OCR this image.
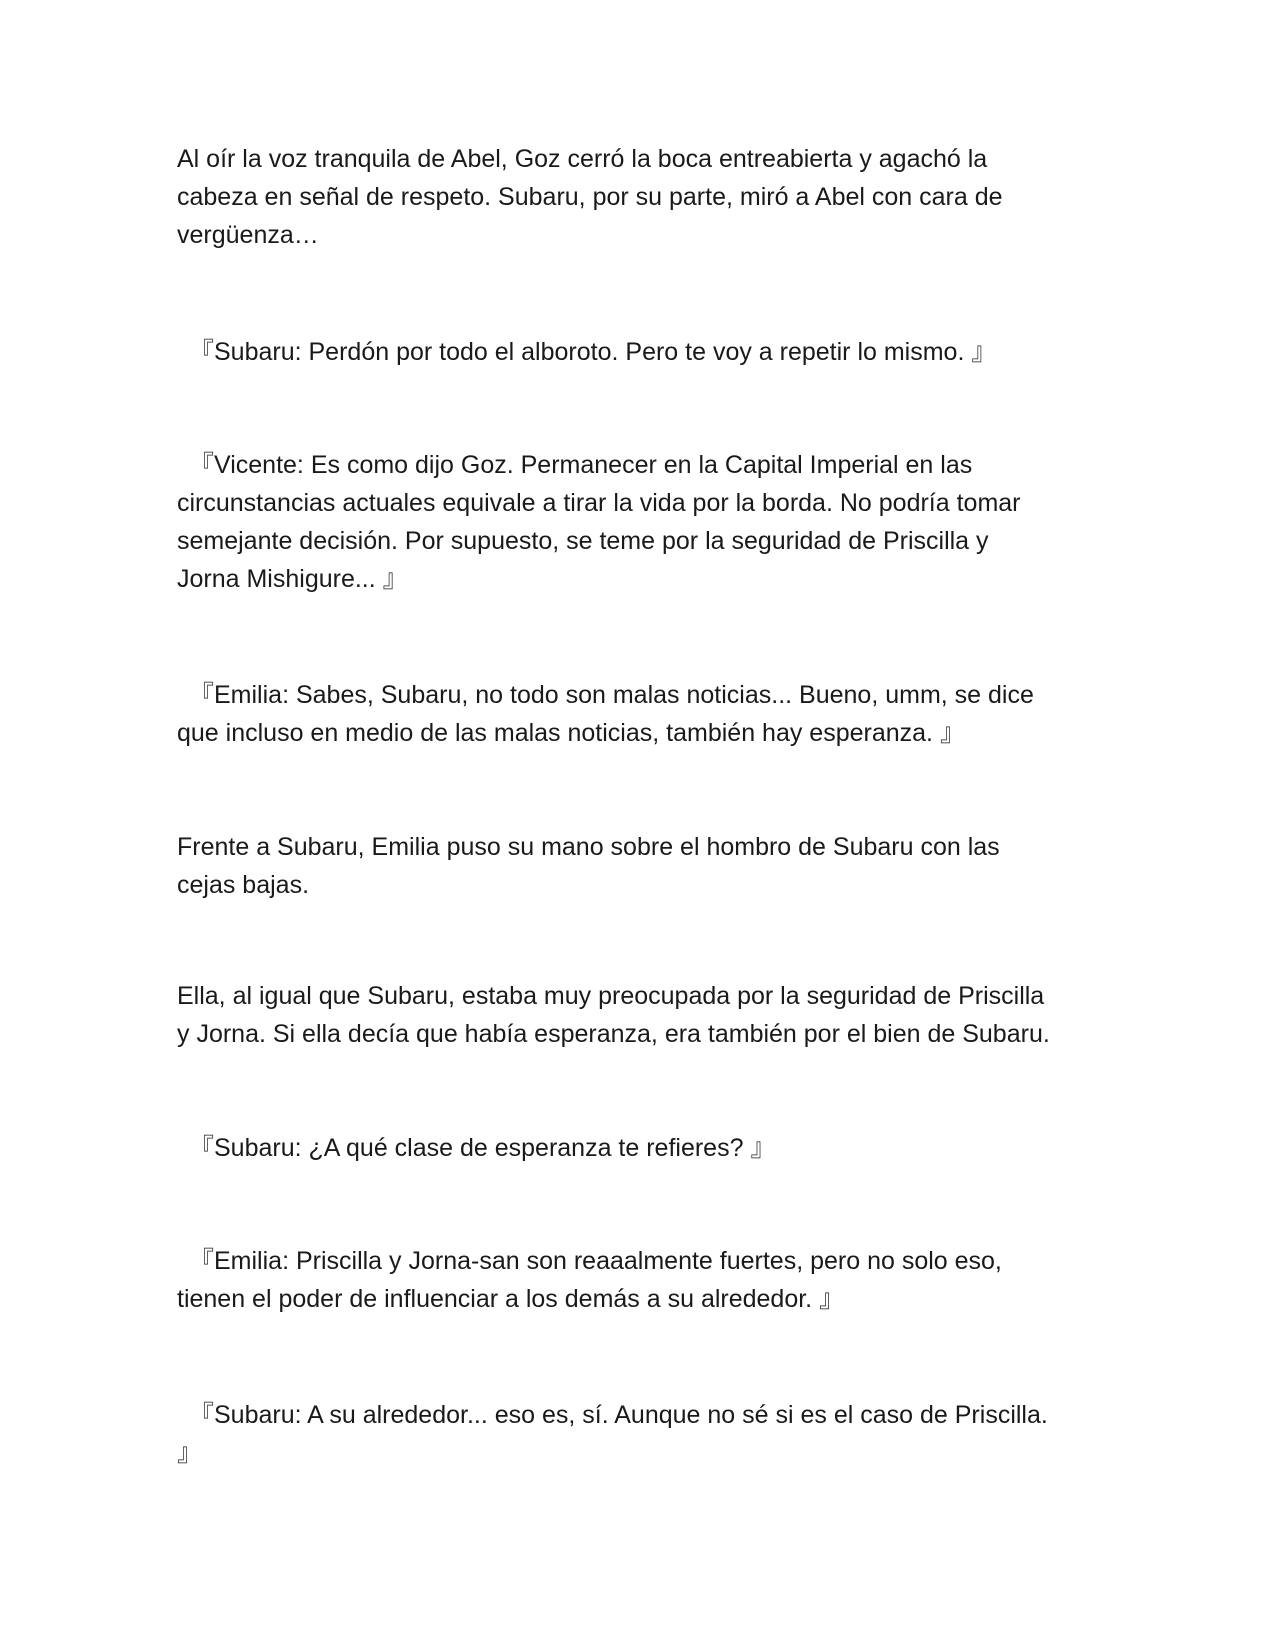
Al oír la voz tranquila de Abel, Goz cerró la boca entreabierta y agachó la
cabeza en señal de respeto. Subaru, por su parte, miró a Abel con cara de
vergüenza…

『Subaru: Perdón por todo el alboroto. Pero te voy a repetir lo mismo. 』

『Vicente: Es como dijo Goz. Permanecer en la Capital Imperial en las
circunstancias actuales equivale a tirar la vida por la borda. No podría tomar
semejante decisión. Por supuesto, se teme por la seguridad de Priscilla y
Jorna Mishigure... 』

『Emilia: Sabes, Subaru, no todo son malas noticias... Bueno, umm, se dice
que incluso en medio de las malas noticias, también hay esperanza. 』

Frente a Subaru, Emilia puso su mano sobre el hombro de Subaru con las
cejas bajas.

Ella, al igual que Subaru, estaba muy preocupada por la seguridad de Priscilla
y Jorna. Si ella decía que había esperanza, era también por el bien de Subaru.

『Subaru: ¿A qué clase de esperanza te refieres? 』

『Emilia: Priscilla y Jorna-san son reaaalmente fuertes, pero no solo eso,
tienen el poder de influenciar a los demás a su alrededor. 』

『Subaru: A su alrededor... eso es, sí. Aunque no sé si es el caso de Priscilla.
』
